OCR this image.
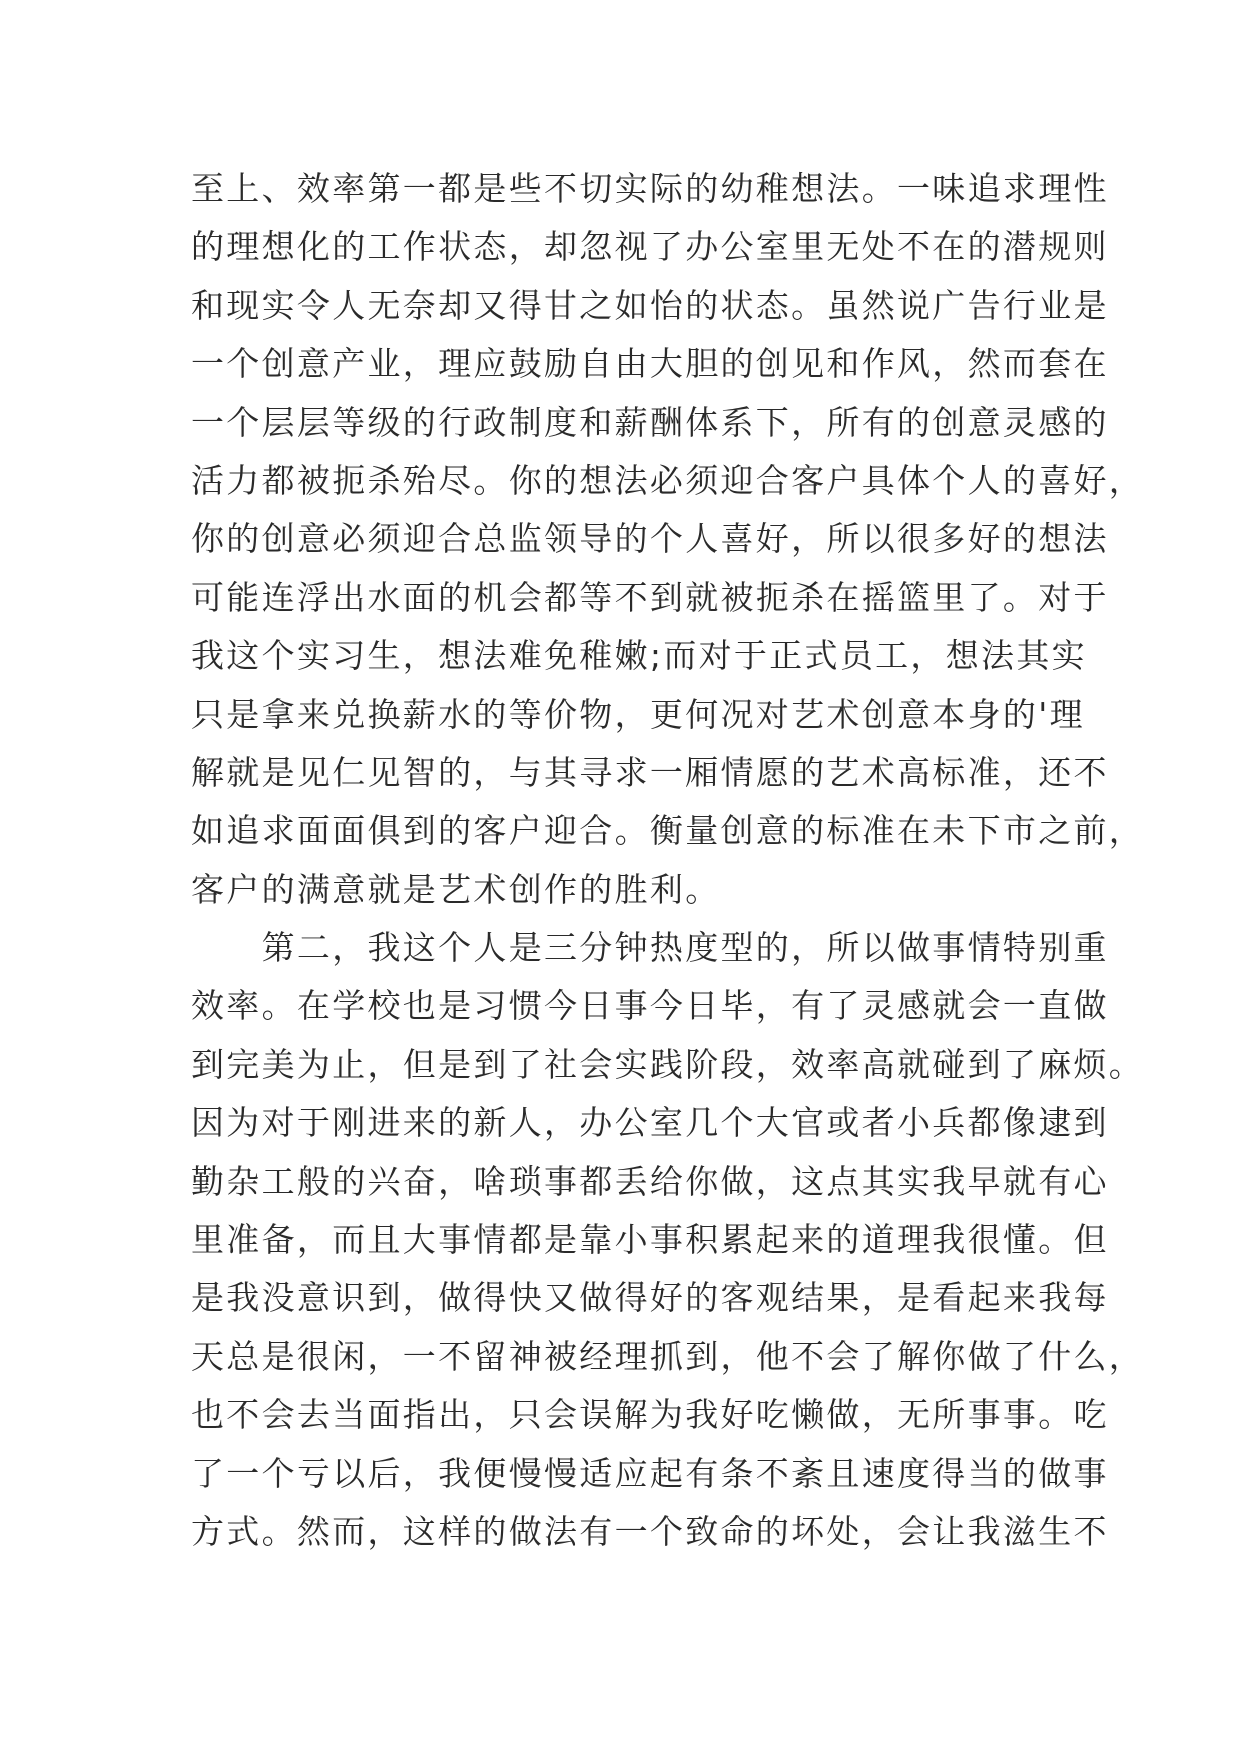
至上、效率第一都是些不切实际的幼稚想法。一味追求理性
的理想化的工作状态，却忽视了办公室里无处不在的潜规则
和现实令人无奈却又得甘之如怡的状态。虽然说广告行业是
一个创意产业，理应鼓励自由大胆的创见和作风，然而套在
一个层层等级的行政制度和薪酬体系下，所有的创意灵感的
活力都被扼杀殆尽。你的想法必须迎合客户具体个人的喜好，
你的创意必须迎合总监领导的个人喜好，所以很多好的想法
可能连浮出水面的机会都等不到就被扼杀在摇篮里了。对于
我这个实习生，想法难免稚嫩;而对于正式员工，想法其实
只是拿来兑换薪水的等价物，更何况对艺术创意本身的'理
解就是见仁见智的，与其寻求一厢情愿的艺术高标准，还不
如追求面面俱到的客户迎合。衡量创意的标准在未下市之前，
客户的满意就是艺术创作的胜利。
　　第二，我这个人是三分钟热度型的，所以做事情特别重
效率。在学校也是习惯今日事今日毕，有了灵感就会一直做
到完美为止，但是到了社会实践阶段，效率高就碰到了麻烦。
因为对于刚进来的新人，办公室几个大官或者小兵都像逮到
勤杂工般的兴奋，啥琐事都丢给你做，这点其实我早就有心
里准备，而且大事情都是靠小事积累起来的道理我很懂。但
是我没意识到，做得快又做得好的客观结果，是看起来我每
天总是很闲，一不留神被经理抓到，他不会了解你做了什么，
也不会去当面指出，只会误解为我好吃懒做，无所事事。吃
了一个亏以后，我便慢慢适应起有条不紊且速度得当的做事
方式。然而，这样的做法有一个致命的坏处，会让我滋生不
